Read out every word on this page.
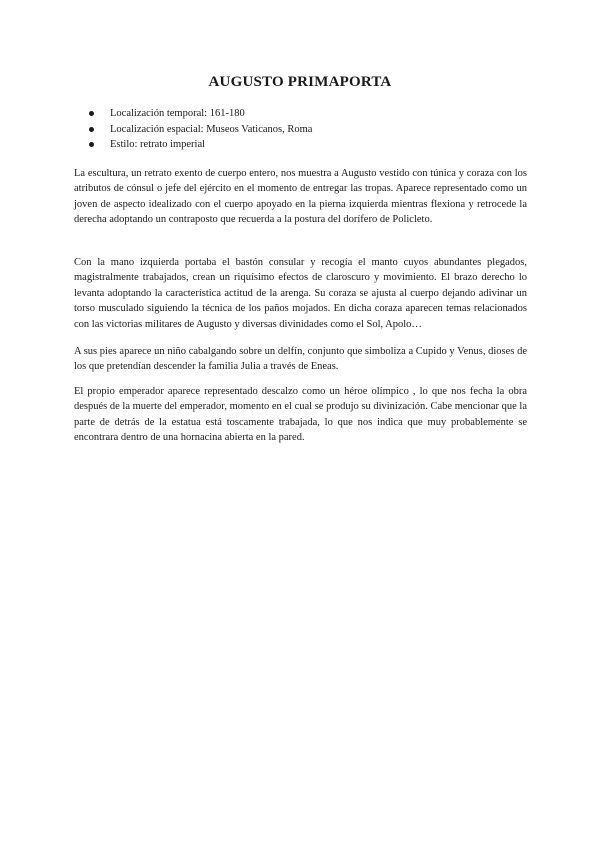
AUGUSTO PRIMAPORTA
Localización temporal: 161-180
Localización espacial: Museos Vaticanos, Roma
Estilo: retrato imperial

La escultura, un retrato exento de cuerpo entero, nos muestra a Augusto vestido con túnica y coraza con los atributos de cónsul o jefe del ejército en el momento de entregar las tropas. Aparece representado como un joven de aspecto idealizado con el cuerpo apoyado en la pierna izquierda mientras flexiona y retrocede la derecha adoptando un contraposto que recuerda a la postura del dorífero de Policleto.

Con la mano izquierda portaba el bastón consular y recogía el manto cuyos abundantes plegados, magistralmente trabajados, crean un riquísimo efectos de claroscuro y movimiento. El brazo derecho lo levanta adoptando la característica actitud de la arenga. Su coraza se ajusta al cuerpo dejando adivinar un torso musculado siguiendo la técnica de los paños mojados. En dicha coraza aparecen temas relacionados con las victorias militares de Augusto y diversas divinidades como el Sol, Apolo…

A sus pies aparece un niño cabalgando sobre un delfín, conjunto que simboliza a Cupido y Venus, dioses de los que pretendían descender la familia Julia a través de Eneas.

El propio emperador aparece representado descalzo como un héroe olímpico , lo que nos fecha la obra después de la muerte del emperador, momento en el cual se produjo su divinización. Cabe mencionar que la parte de detrás de la estatua está toscamente trabajada, lo que nos indica que muy probablemente se encontrara dentro de una hornacina abierta en la pared.
